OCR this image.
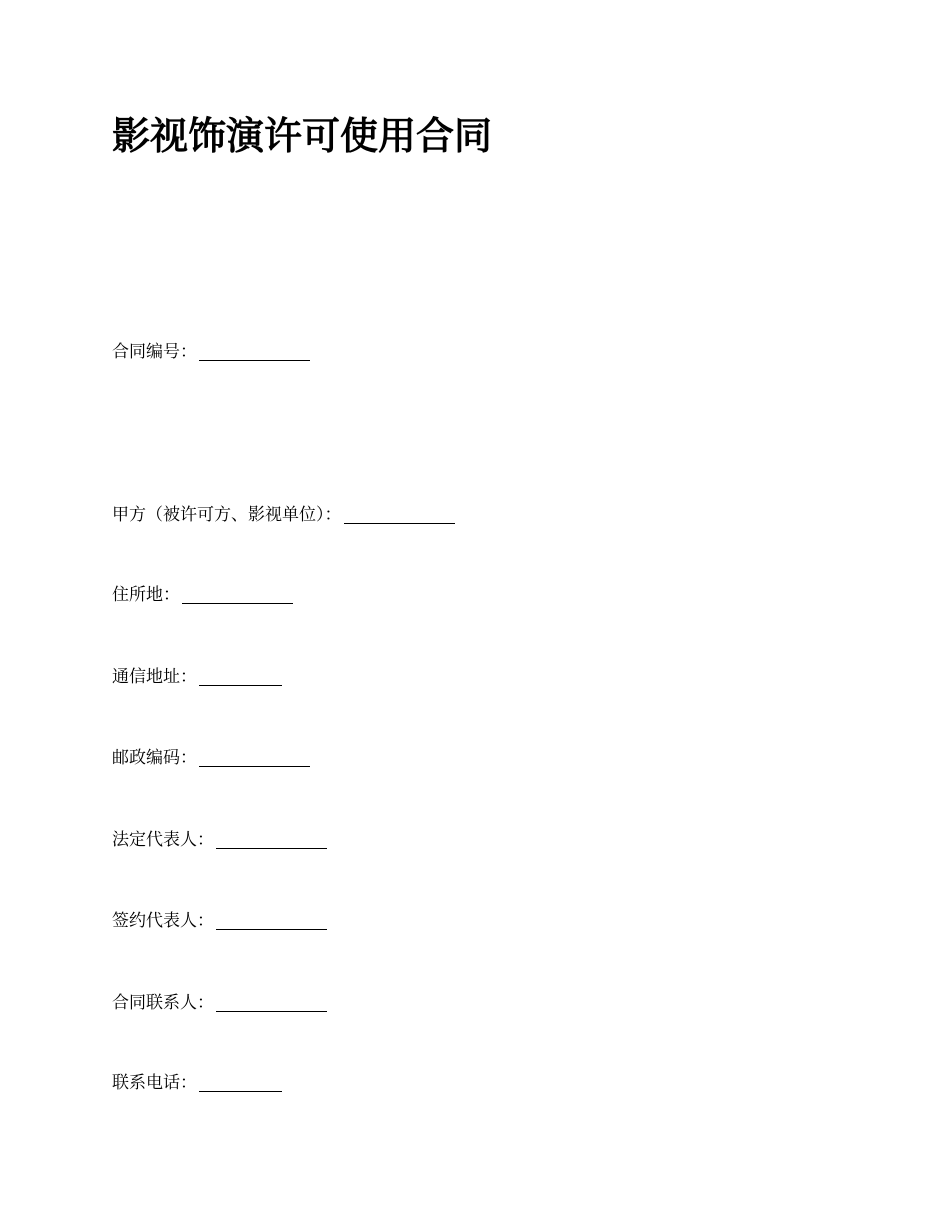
影视饰演许可使用合同
合同编号：
甲方（被许可方、影视单位）：
住所地：
通信地址：
邮政编码：
法定代表人：
签约代表人：
合同联系人：
联系电话：
